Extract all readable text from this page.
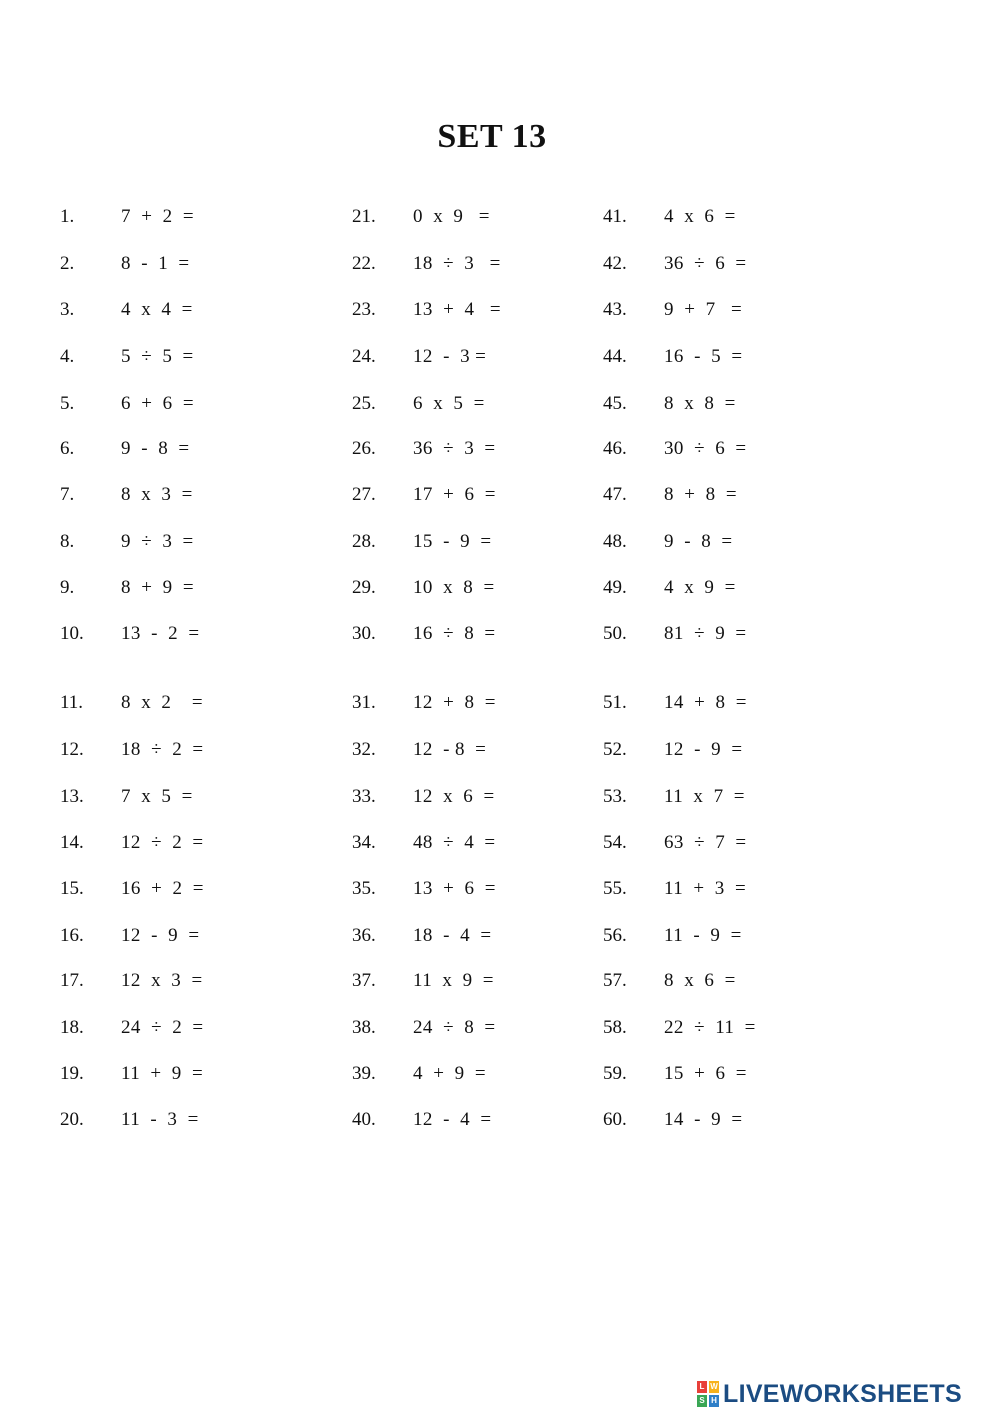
SET 13
1. 7  +  2  =
2. 8  -  1  =
3. 4  x  4  =
4. 5  ÷  5  =
5. 6  +  6  =
6. 9  -  8  =
7. 8  x  3  =
8. 9  ÷  3  =
9. 8  +  9  =
10. 13  -  2  =
11. 8  x  2    =
12. 18  ÷  2  =
13. 7  x  5  =
14. 12  ÷  2  =
15. 16  +  2  =
16. 12  -  9  =
17. 12  x  3  =
18. 24  ÷  2  =
19. 11  +  9  =
20. 11  -  3  =
21. 0  x  9   =
22. 18  ÷  3   =
23. 13  +  4   =
24. 12  -  3 =
25. 6  x  5  =
26. 36  ÷  3  =
27. 17  +  6  =
28. 15  -  9  =
29. 10  x  8  =
30. 16  ÷  8  =
31. 12  +  8  =
32. 12  - 8  =
33. 12  x  6  =
34. 48  ÷  4  =
35. 13  +  6  =
36. 18  -  4  =
37. 11  x  9  =
38. 24  ÷  8  =
39. 4  +  9  =
40. 12  -  4  =
41. 4  x  6  =
42. 36  ÷  6  =
43. 9  +  7   =
44. 16  -  5  =
45. 8  x  8  =
46. 30  ÷  6  =
47. 8  +  8  =
48. 9  -  8  =
49. 4  x  9  =
50. 81  ÷  9  =
51. 14  +  8  =
52. 12  -  9  =
53. 11  x  7  =
54. 63  ÷  7  =
55. 11  +  3  =
56. 11  -  9  =
57. 8  x  6  =
58. 22  ÷  11  =
59. 15  +  6  =
60. 14  -  9  =
L W
S H LIVEWORKSHEETS
